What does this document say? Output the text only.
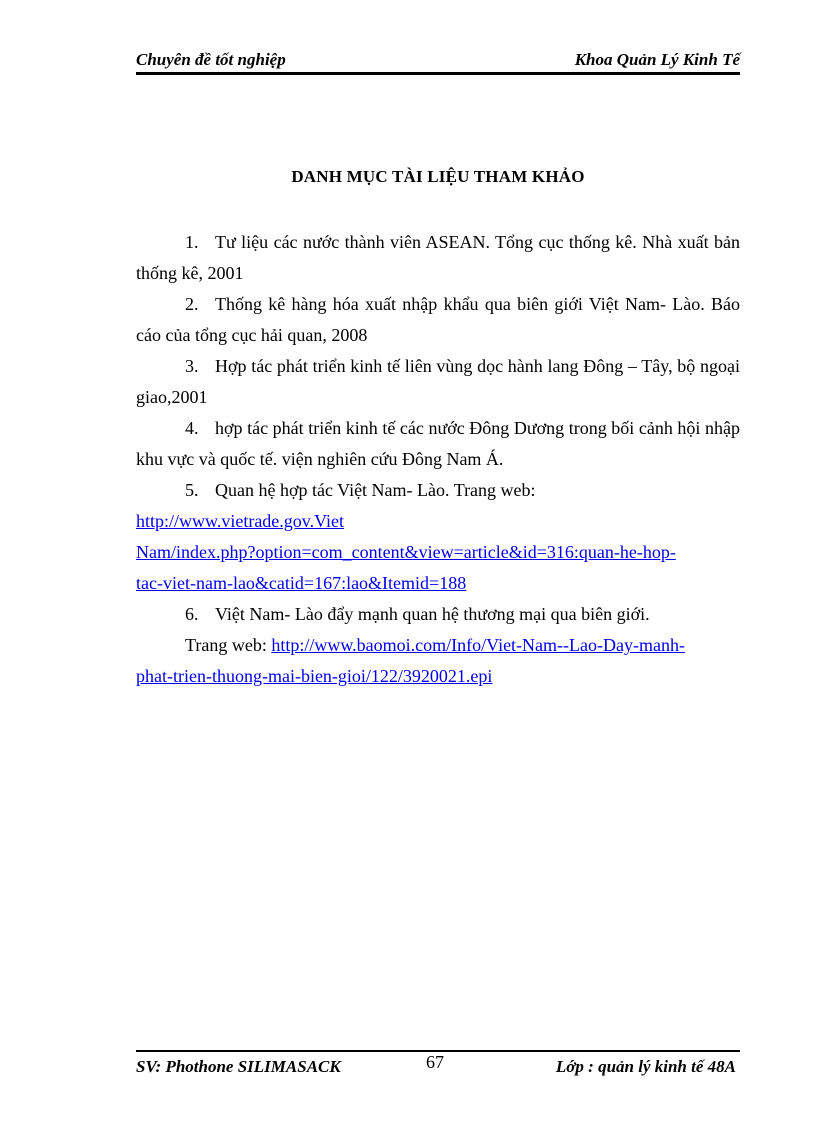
Chuyên đề tốt nghiệp	Khoa Quản Lý Kinh Tế
DANH MỤC TÀI LIỆU THAM KHẢO

1. Tư liệu các nước thành viên ASEAN. Tổng cục thống kê. Nhà xuất bản thống kê, 2001

2. Thống kê hàng hóa xuất nhập khẩu qua biên giới Việt Nam- Lào. Báo cáo của tổng cục hải quan, 2008

3. Hợp tác phát triển kinh tế liên vùng dọc hành lang Đông – Tây, bộ ngoại giao,2001

4. hợp tác phát triển kinh tế các nước Đông Dương trong bối cảnh hội nhập khu vực và quốc tế. viện nghiên cứu Đông Nam Á.

5. Quan hệ hợp tác Việt Nam- Lào. Trang web:

http://www.vietrade.gov.Viet
Nam/index.php?option=com_content&view=article&id=316:quan-he-hop-
tac-viet-nam-lao&catid=167:lao&Itemid=188

6. Việt Nam- Lào đẩy mạnh quan hệ thương mại qua biên giới.

Trang web: http://www.baomoi.com/Info/Viet-Nam--Lao-Day-manh-

phat-trien-thuong-mai-bien-gioi/122/3920021.epi
SV: Phothone SILIMASACK	67	Lớp : quản lý kinh tế 48A
